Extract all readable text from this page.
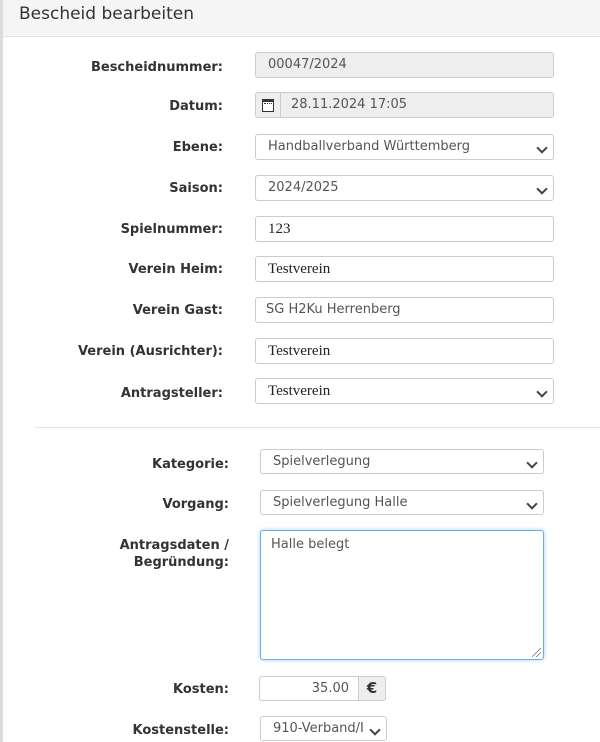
Bescheid bearbeiten
Bescheidnummer:	00047/2024
Datum:	28.11.2024 17:05
Ebene:	Handballverband Württemberg
Saison:	2024/2025
Spielnummer:	123
Verein Heim:	Testverein
Verein Gast:	SG H2Ku Herrenberg
Verein (Ausrichter):	Testverein
Antragsteller:	Testverein
Kategorie:	Spielverlegung
Vorgang:	Spielverlegung Halle
Antragsdaten /
Begründung:
Halle belegt
Kosten:	35.00	€
Kostenstelle:	910-Verband/I
